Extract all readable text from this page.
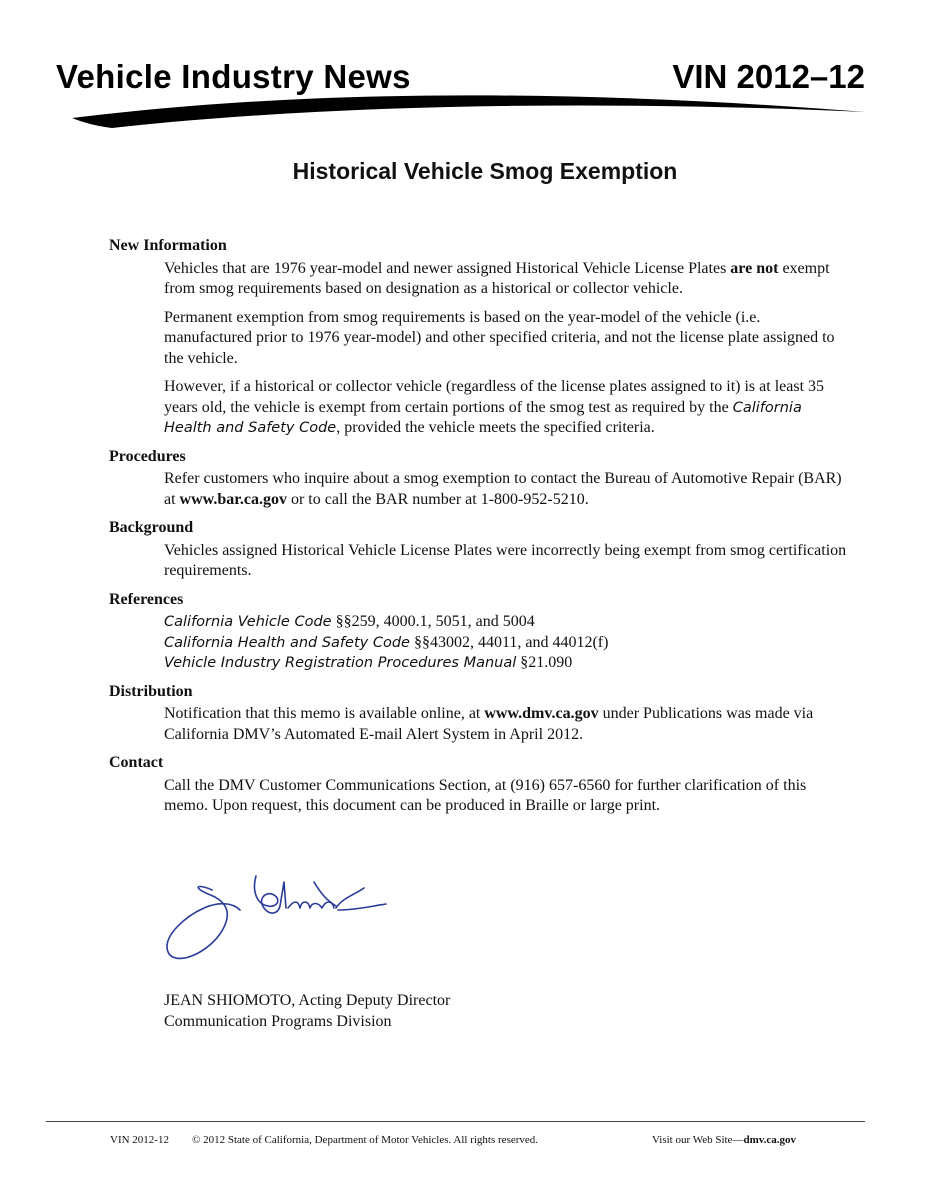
Vehicle Industry News	VIN 2012–12
Historical Vehicle Smog Exemption

New Information

Vehicles that are 1976 year-model and newer assigned Historical Vehicle License Plates are not exempt from smog requirements based on designation as a historical or collector vehicle.

Permanent exemption from smog requirements is based on the year-model of the vehicle (i.e. manufactured prior to 1976 year-model) and other specified criteria, and not the license plate assigned to the vehicle.

However, if a historical or collector vehicle (regardless of the license plates assigned to it) is at least 35 years old, the vehicle is exempt from certain portions of the smog test as required by the California Health and Safety Code, provided the vehicle meets the specified criteria.

Procedures

Refer customers who inquire about a smog exemption to contact the Bureau of Automotive Repair (BAR) at www.bar.ca.gov or to call the BAR number at 1-800-952-5210.

Background

Vehicles assigned Historical Vehicle License Plates were incorrectly being exempt from smog certification requirements.

References

California Vehicle Code §§259, 4000.1, 5051, and 5004
California Health and Safety Code §§43002, 44011, and 44012(f)
Vehicle Industry Registration Procedures Manual §21.090

Distribution

Notification that this memo is available online, at www.dmv.ca.gov under Publications was made via California DMV’s Automated E-mail Alert System in April 2012.

Contact

Call the DMV Customer Communications Section, at (916) 657-6560 for further clarification of this memo. Upon request, this document can be produced in Braille or large print.

JEAN SHIOMOTO, Acting Deputy Director
Communication Programs Division
VIN 2012-12 © 2012 State of California, Department of Motor Vehicles. All rights reserved.	Visit our Web Site—dmv.ca.gov
